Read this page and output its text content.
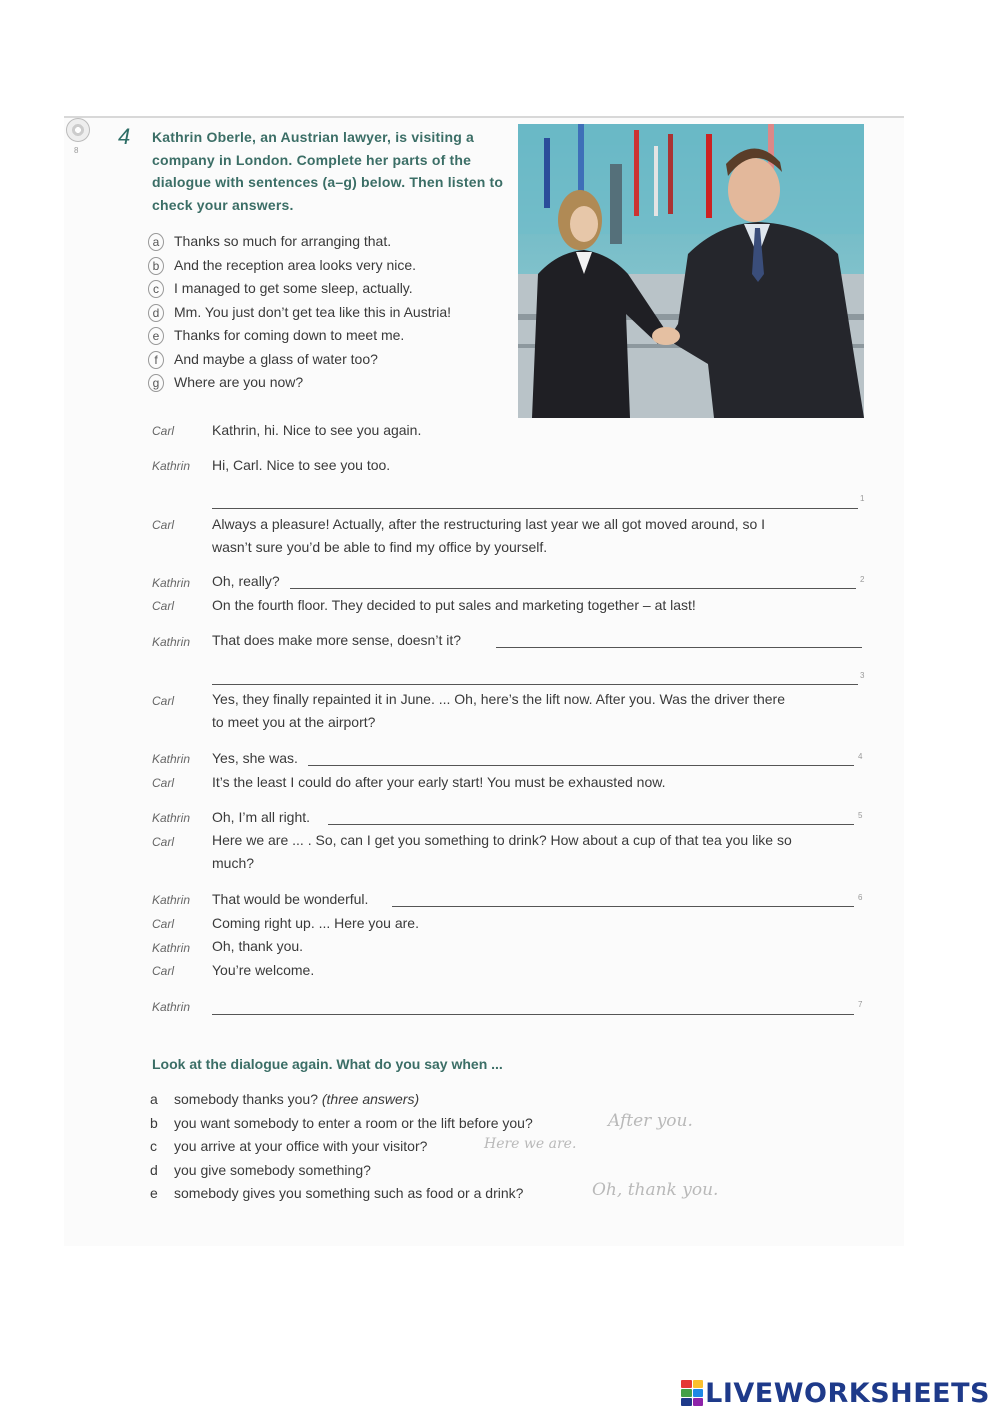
8
4 Kathrin Oberle, an Austrian lawyer, is visiting a company in London. Complete her parts of the dialogue with sentences (a–g) below. Then listen to check your answers.
a Thanks so much for arranging that.
b And the reception area looks very nice.
c I managed to get some sleep, actually.
d Mm. You just don’t get tea like this in Austria!
e Thanks for coming down to meet me.
f And maybe a glass of water too?
g Where are you now?
Carl	Kathrin, hi. Nice to see you again.
Kathrin Hi, Carl. Nice to see you too.
1
Carl	Always a pleasure! Actually, after the restructuring last year we all got moved around, so I
wasn’t sure you’d be able to find my office by yourself.
Kathrin Oh, really?	2
Carl	On the fourth floor. They decided to put sales and marketing together – at last!
Kathrin That does make more sense, doesn’t it?
3
Carl	Yes, they finally repainted it in June. ... Oh, here’s the lift now. After you. Was the driver there
to meet you at the airport?
Kathrin Yes, she was.	4
Carl	It’s the least I could do after your early start! You must be exhausted now.
Kathrin Oh, I’m all right.	5
Carl	Here we are ... . So, can I get you something to drink? How about a cup of that tea you like so
much?
Kathrin That would be wonderful.	6
Carl	Coming right up. ... Here you are.
Kathrin Oh, thank you.
Carl	You’re welcome.
Kathrin	7
Look at the dialogue again. What do you say when ...
a somebody thanks you? (three answers)
b you want somebody to enter a room or the lift before you?	After you.
c you arrive at your office with your visitor?	Here we are.
d you give somebody something?
e somebody gives you something such as food or a drink?	Oh, thank you.
LIVEWORKSHEETS
